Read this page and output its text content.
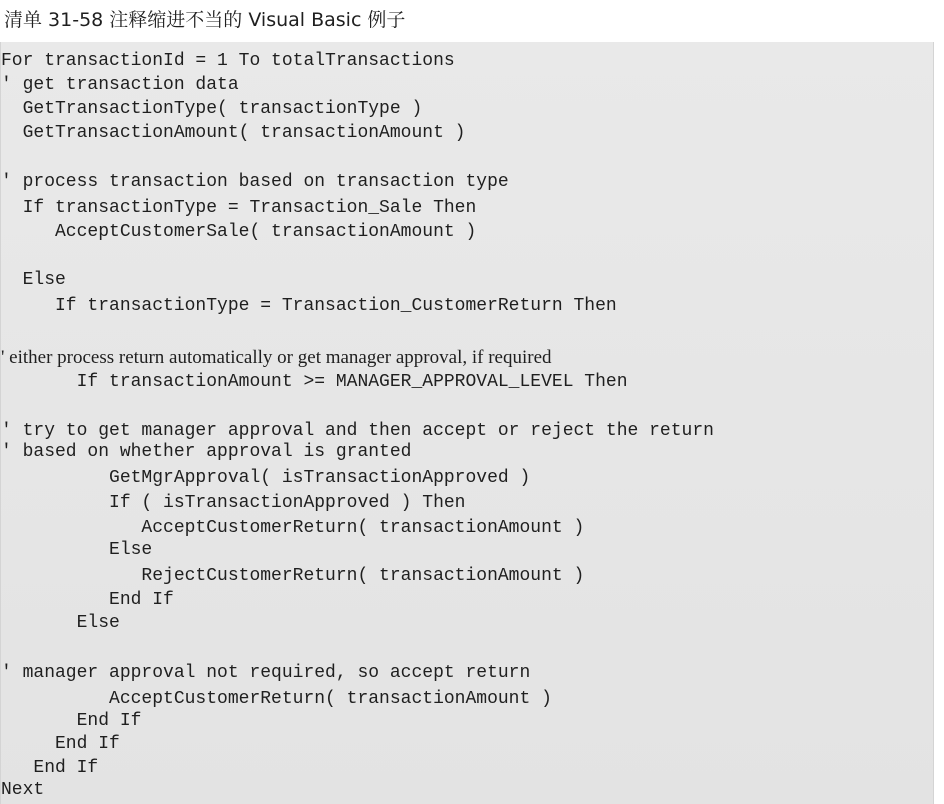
清单 31-58 注释缩进不当的 Visual Basic 例子
For transactionId = 1 To totalTransactions
' get transaction data
GetTransactionType( transactionType )
GetTransactionAmount( transactionAmount )
' process transaction based on transaction type
If transactionType = Transaction_Sale Then
AcceptCustomerSale( transactionAmount )
Else
If transactionType = Transaction_CustomerReturn Then
' either process return automatically or get manager approval, if required
If transactionAmount >= MANAGER_APPROVAL_LEVEL Then
' try to get manager approval and then accept or reject the return
' based on whether approval is granted
GetMgrApproval( isTransactionApproved )
If ( isTransactionApproved ) Then
AcceptCustomerReturn( transactionAmount )
Else
RejectCustomerReturn( transactionAmount )
End If
Else
' manager approval not required, so accept return
AcceptCustomerReturn( transactionAmount )
End If
End If
End If
Next
